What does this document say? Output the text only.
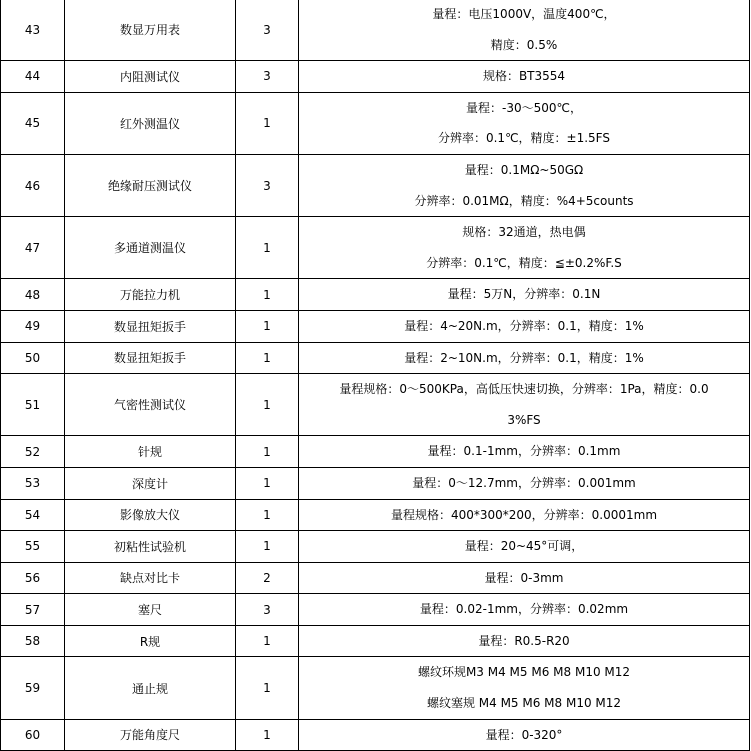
43	数显万用表	3	量程：电压1000V，温度400℃，
精度：0.5%

44	内阻测试仪	3	规格：BT3554

45	红外测温仪	1	量程：-30～500℃，
分辨率：0.1℃，精度：±1.5FS

46	绝缘耐压测试仪	3	量程：0.1MΩ~50GΩ
分辨率：0.01MΩ，精度：%4+5counts

47	多通道测温仪	1	规格：32通道，热电偶
分辨率：0.1℃，精度：≦±0.2%F.S

48	万能拉力机	1	量程：5万N，分辨率：0.1N

49	数显扭矩扳手	1	量程：4~20N.m，分辨率：0.1，精度：1%

50	数显扭矩扳手	1	量程：2~10N.m，分辨率：0.1，精度：1%

51	气密性测试仪	1	量程规格：0～500KPa，高低压快速切换，分辨率：1Pa，精度：0.0
3%FS

52	针规	1	量程：0.1-1mm，分辨率：0.1mm

53	深度计	1	量程：0～12.7mm，分辨率：0.001mm

54	影像放大仪	1	量程规格：400*300*200，分辨率：0.0001mm

55	初粘性试验机	1	量程：20~45°可调，

56	缺点对比卡	2	量程：0-3mm

57	塞尺	3	量程：0.02-1mm，分辨率：0.02mm

58	R规	1	量程：R0.5-R20

59	通止规	1	螺纹环规M3 M4 M5 M6 M8 M10 M12
螺纹塞规 M4 M5 M6 M8 M10 M12

60	万能角度尺	1	量程：0-320°
